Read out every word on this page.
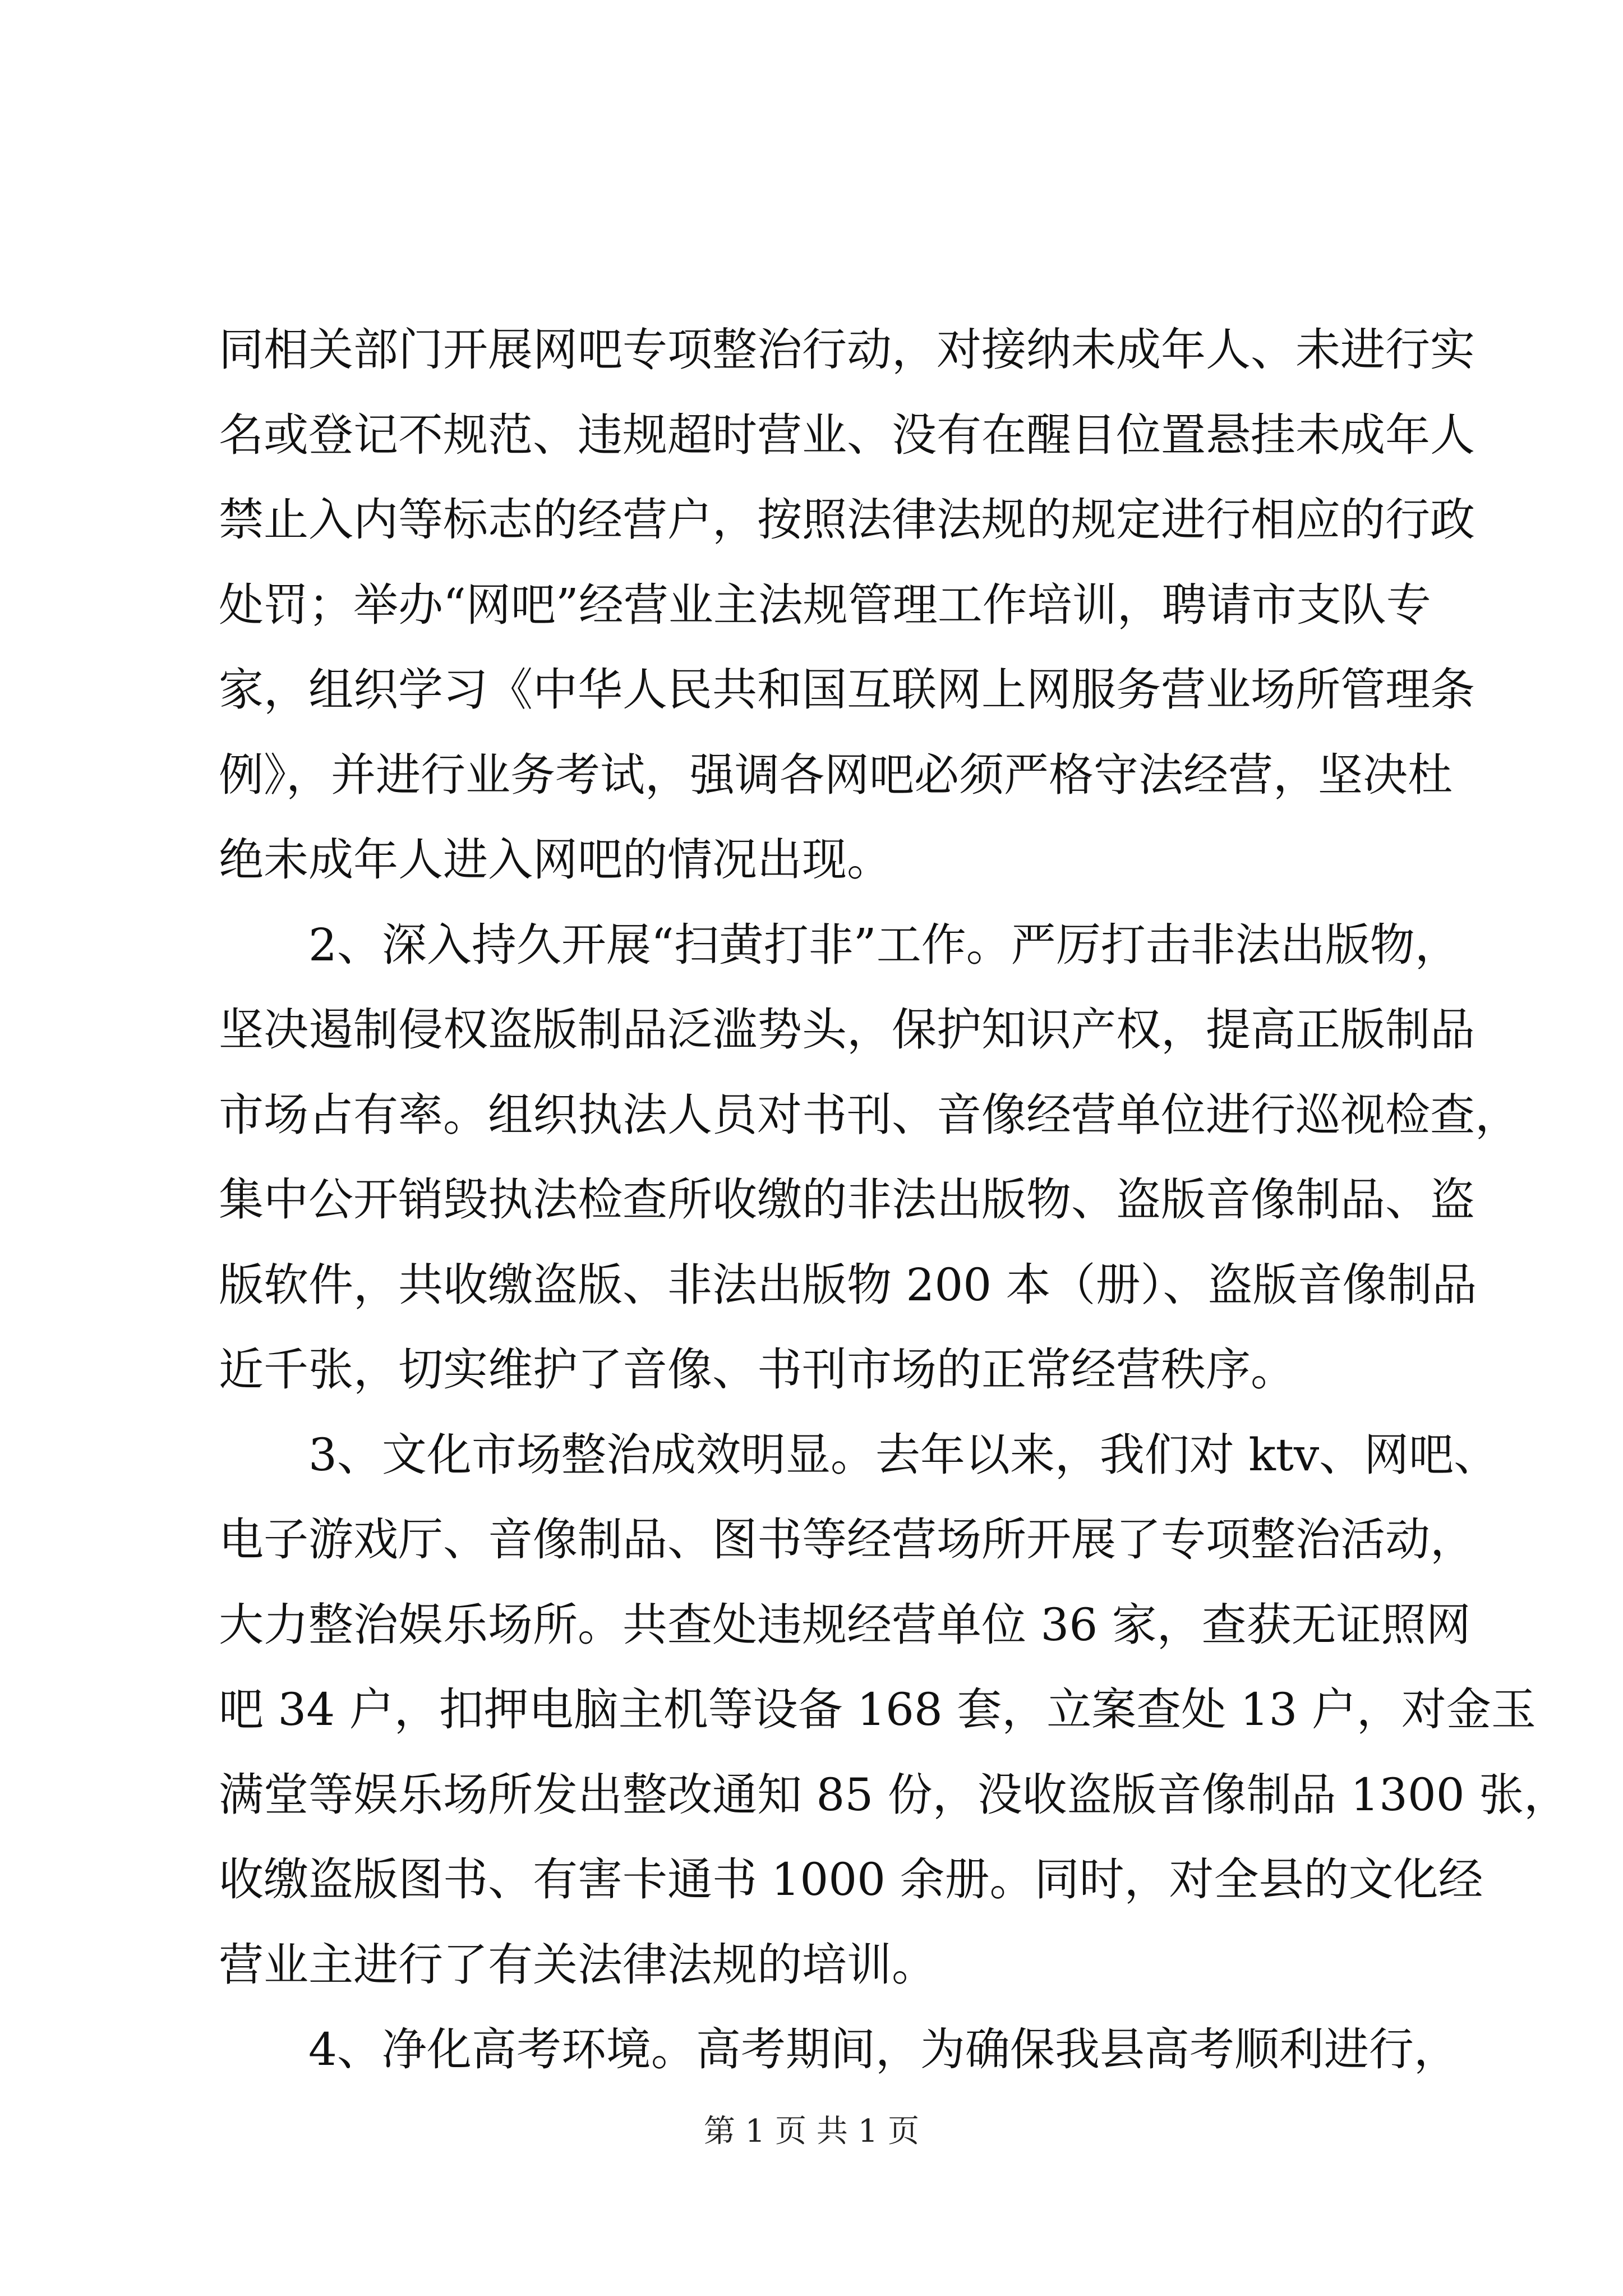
同相关部门开展网吧专项整治行动，对接纳未成年人、未进行实
名或登记不规范、违规超时营业、没有在醒目位置悬挂未成年人
禁止入内等标志的经营户，按照法律法规的规定进行相应的行政
处罚；举办“网吧”经营业主法规管理工作培训，聘请市支队专
家，组织学习《中华人民共和国互联网上网服务营业场所管理条
例》，并进行业务考试，强调各网吧必须严格守法经营，坚决杜
绝未成年人进入网吧的情况出现。
　　2、深入持久开展“扫黄打非”工作。严厉打击非法出版物，
坚决遏制侵权盗版制品泛滥势头，保护知识产权，提高正版制品
市场占有率。组织执法人员对书刊、音像经营单位进行巡视检查，
集中公开销毁执法检查所收缴的非法出版物、盗版音像制品、盗
版软件，共收缴盗版、非法出版物 200 本（册）、盗版音像制品
近千张，切实维护了音像、书刊市场的正常经营秩序。
　　3、文化市场整治成效明显。去年以来，我们对 ktv、网吧、
电子游戏厅、音像制品、图书等经营场所开展了专项整治活动，
大力整治娱乐场所。共查处违规经营单位 36 家，查获无证照网
吧 34 户，扣押电脑主机等设备 168 套，立案查处 13 户，对金玉
满堂等娱乐场所发出整改通知 85 份，没收盗版音像制品 1300 张，
收缴盗版图书、有害卡通书 1000 余册。同时，对全县的文化经
营业主进行了有关法律法规的培训。
　　4、净化高考环境。高考期间，为确保我县高考顺利进行，
第 1 页 共 1 页
